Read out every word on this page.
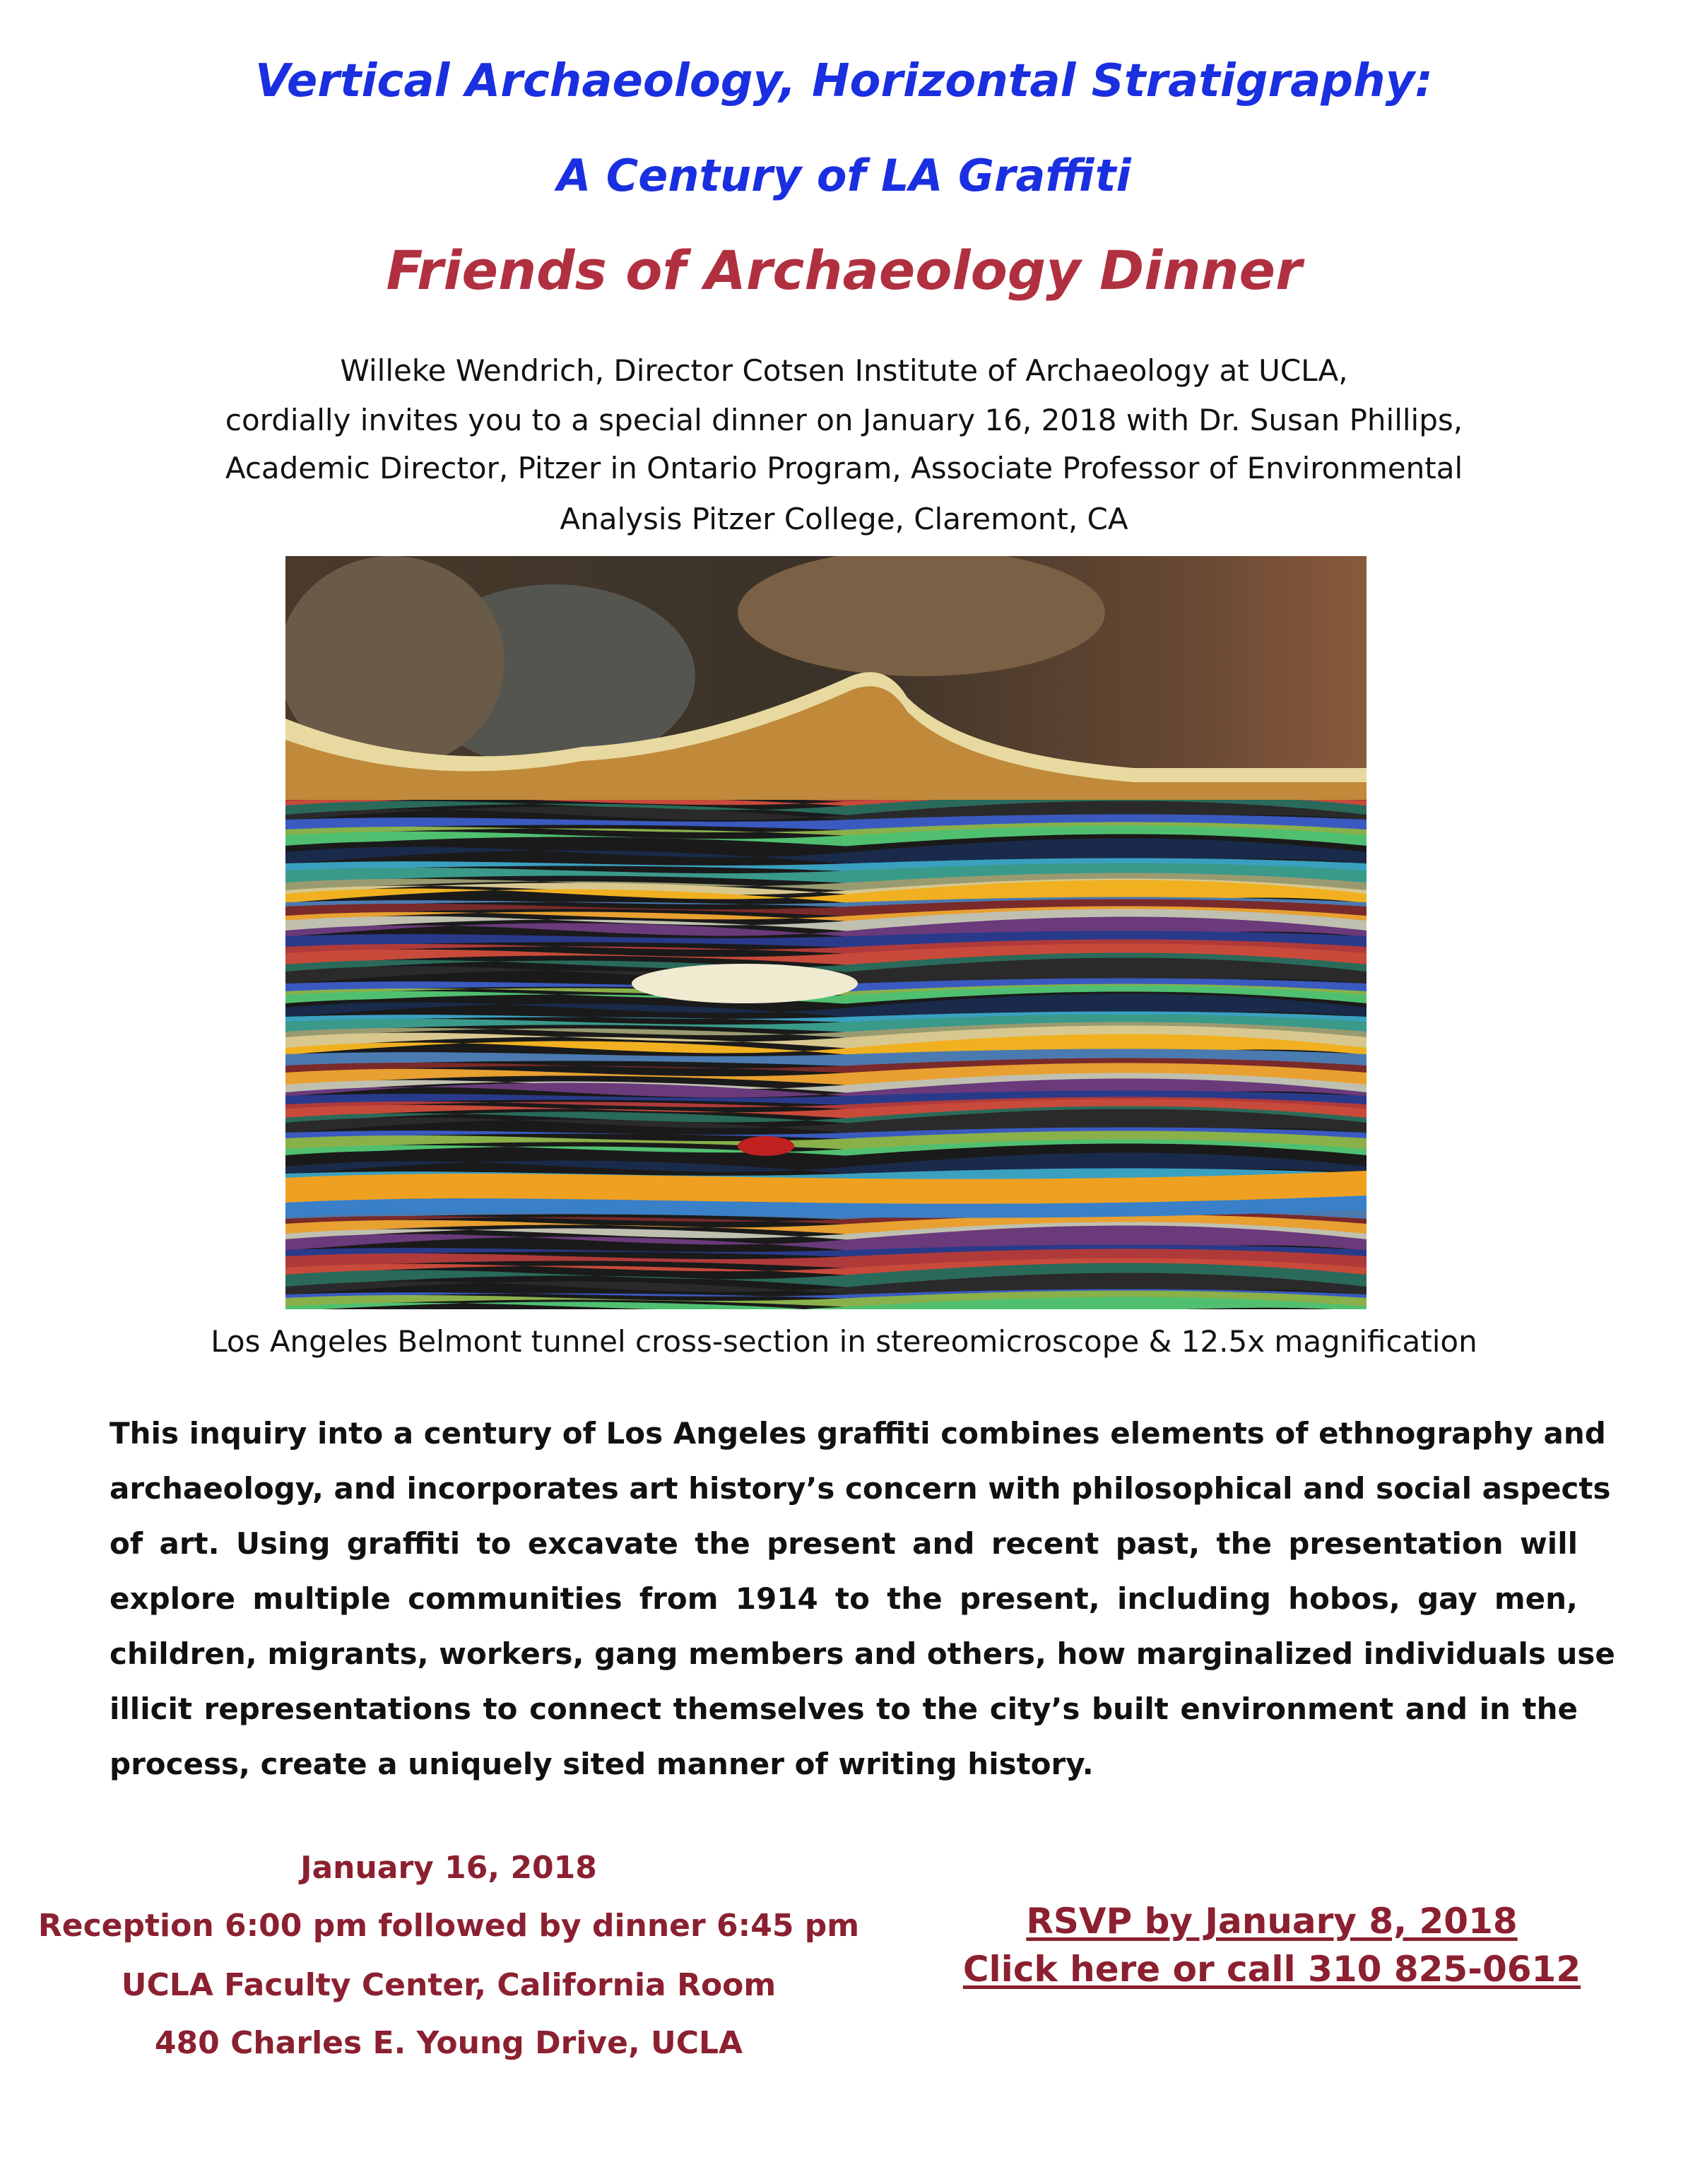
Vertical Archaeology, Horizontal Stratigraphy:
A Century of LA Graffiti
Friends of Archaeology Dinner
Willeke Wendrich, Director Cotsen Institute of Archaeology at UCLA,
cordially invites you to a special dinner on January 16, 2018 with Dr. Susan Phillips,
Academic Director, Pitzer in Ontario Program, Associate Professor of Environmental
Analysis Pitzer College, Claremont, CA
Los Angeles Belmont tunnel cross-section in stereomicroscope & 12.5x magnification
January 16, 2018
Reception 6:00 pm followed by dinner 6:45 pm
UCLA Faculty Center, California Room
480 Charles E. Young Drive, UCLA
RSVP by January 8, 2018
Click here or call 310 825-0612
This inquiry into a century of Los Angeles graffiti combines elements of ethnography and
archaeology, and incorporates art history’s concern with philosophical and social aspects
of art. Using graffiti to excavate the present and recent past, the presentation will
explore multiple communities from 1914 to the present, including hobos, gay men,
children, migrants, workers, gang members and others, how marginalized individuals use
illicit representations to connect themselves to the city’s built environment and in the
process, create a uniquely sited manner of writing history.
